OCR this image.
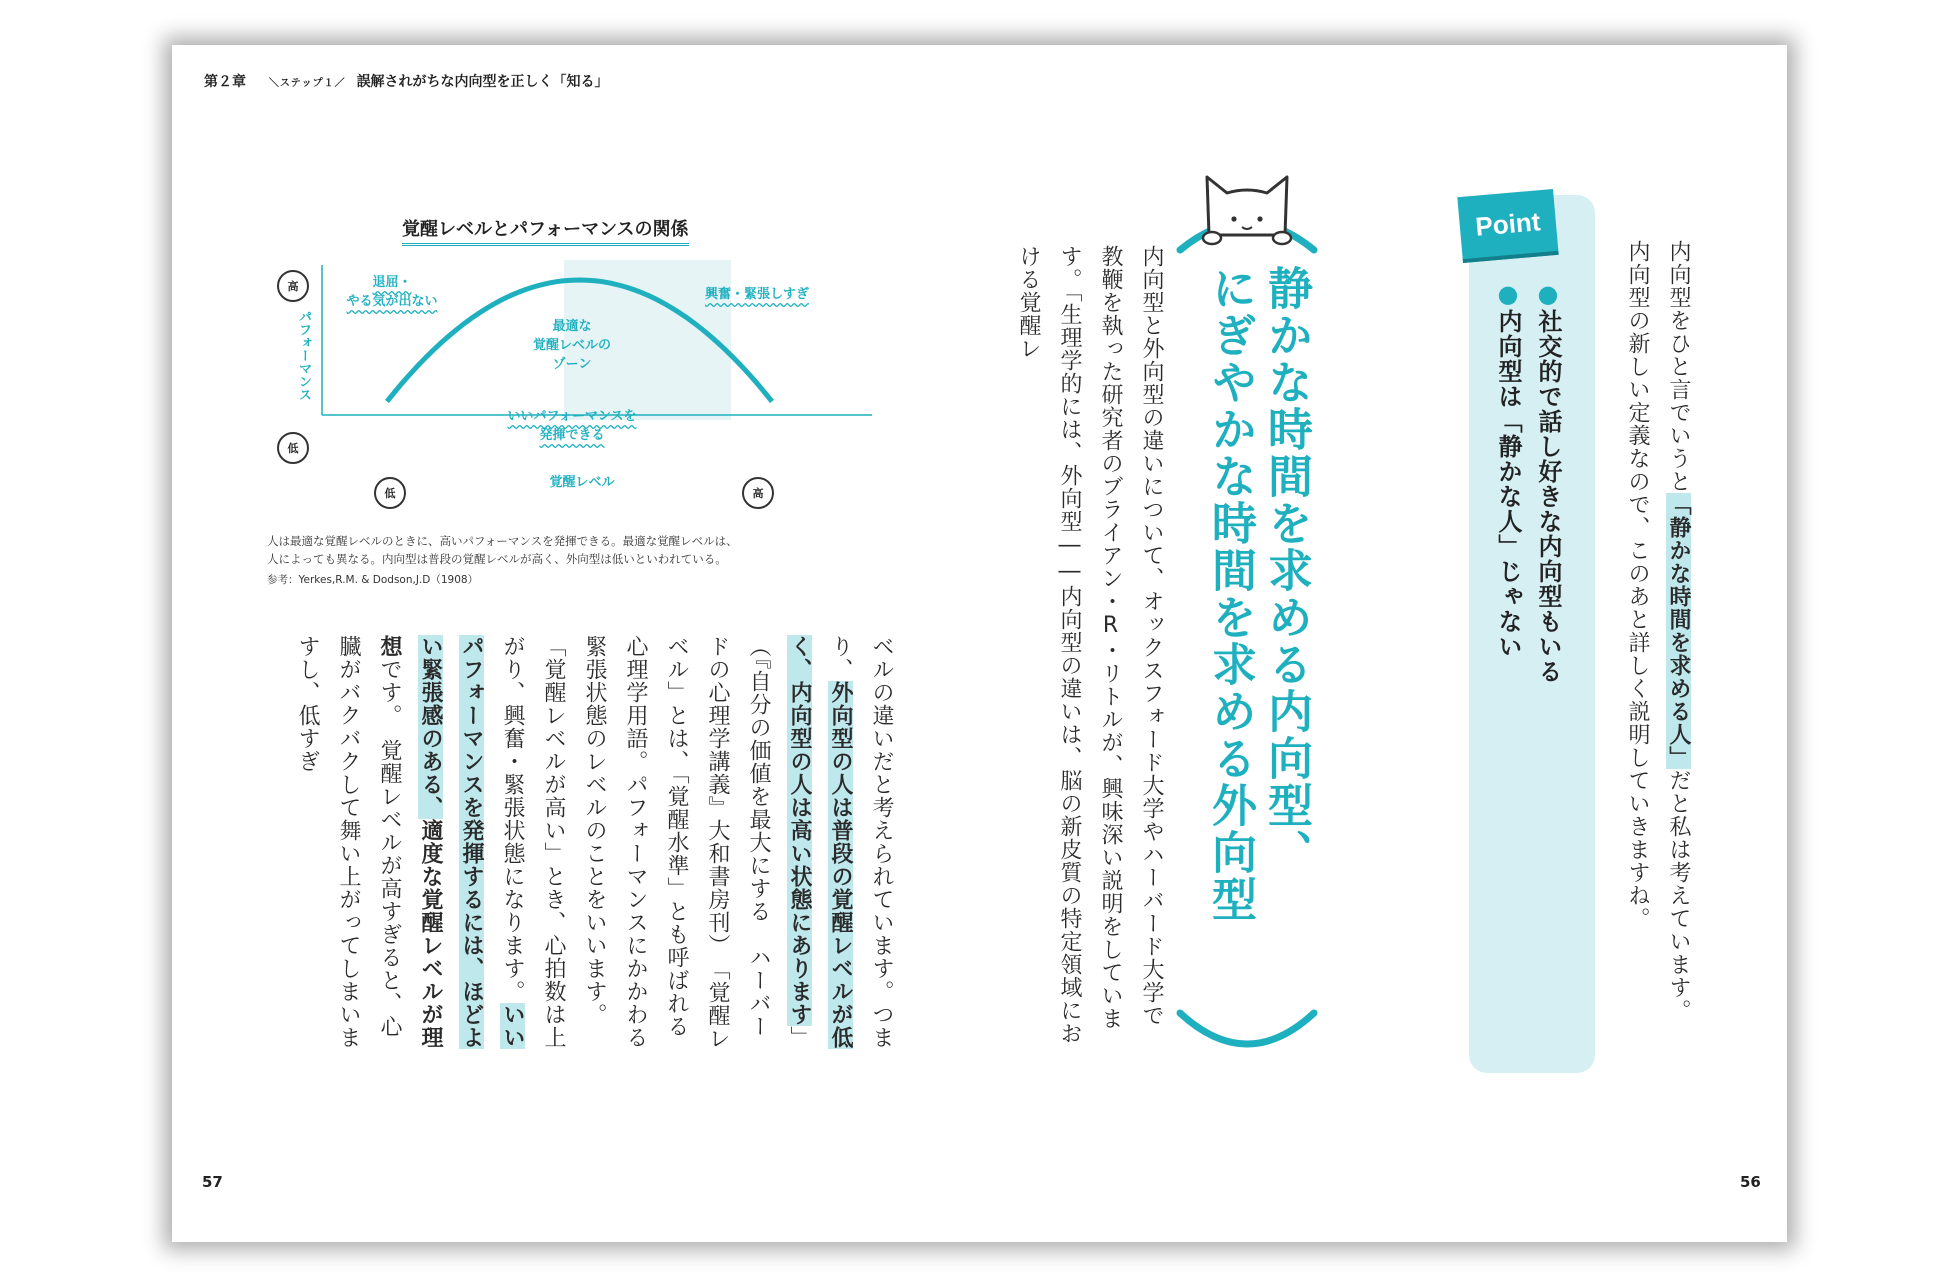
第２章 ＼ステップ１／ 誤解されがちな内向型を正しく「知る」
内向型をひと言でいうと「静かな時間を求める人」だと私は考えています。内向型の新しい定義なので、このあと詳しく説明していきますね。
Point
●社交的で話し好きな内向型もいる
●内向型は「静かな人」じゃない
静かな時間を求める内向型、
にぎやかな時間を求める外向型
内向型と外向型の違いについて、オックスフォード大学やハーバード大学で教鞭を執った研究者のブライアン・R・リトルが、興味深い説明をしています。「生理学的には、外向型――内向型の違いは、脳の新皮質の特定領域における覚醒レ
覚醒レベルとパフォーマンスの関係
高
低
パフォーマンス
低	高
覚醒レベル
退屈・
やる気が出ない
最適な
覚醒レベルの
ゾーン
いいパフォーマンスを
発揮できる
興奮・緊張しすぎ
人は最適な覚醒レベルのときに、高いパフォーマンスを発揮できる。最適な覚醒レベルは、
人によっても異なる。内向型は普段の覚醒レベルが高く、外向型は低いといわれている。
参考：Yerkes,R.M. & Dodson,J.D（1908）
ベルの違いだと考えられています。つまり、外向型の人は普段の覚醒レベルが低く、内向型の人は高い状態にあります」（『自分の価値を最大にする　ハーバードの心理学講義』大和書房刊）　「覚醒レベル」とは、「覚醒水準」とも呼ばれる心理学用語。パフォーマンスにかかわる緊張状態のレベルのことをいいます。「覚醒レベルが高い」とき、心拍数は上がり、興奮・緊張状態になります。いいパフォーマンスを発揮するには、ほどよい緊張感のある、適度な覚醒レベルが理想です。　覚醒レベルが高すぎると、心臓がバクバクして舞い上がってしまいますし、低すぎ
57	56
